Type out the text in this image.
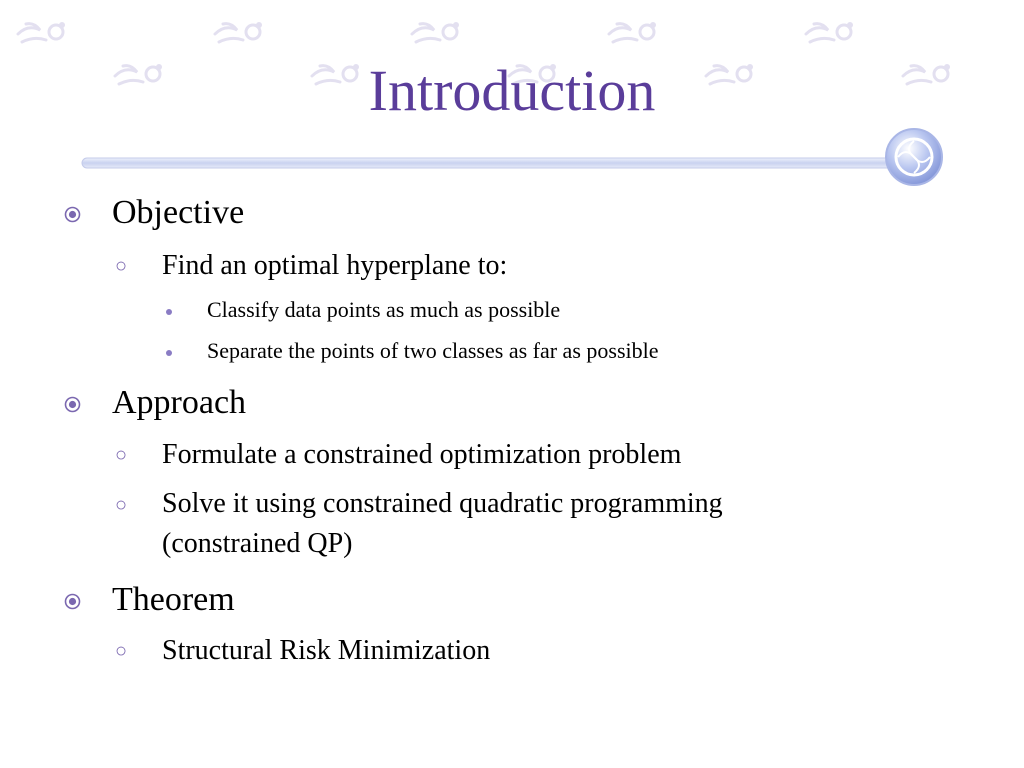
Introduction
Objective
○ Find an optimal hyperplane to:
Classify data points as much as possible
Separate the points of two classes as far as possible
Approach
○ Formulate a constrained optimization problem
○ Solve it using constrained quadratic programming (constrained QP)
Theorem
○ Structural Risk Minimization
